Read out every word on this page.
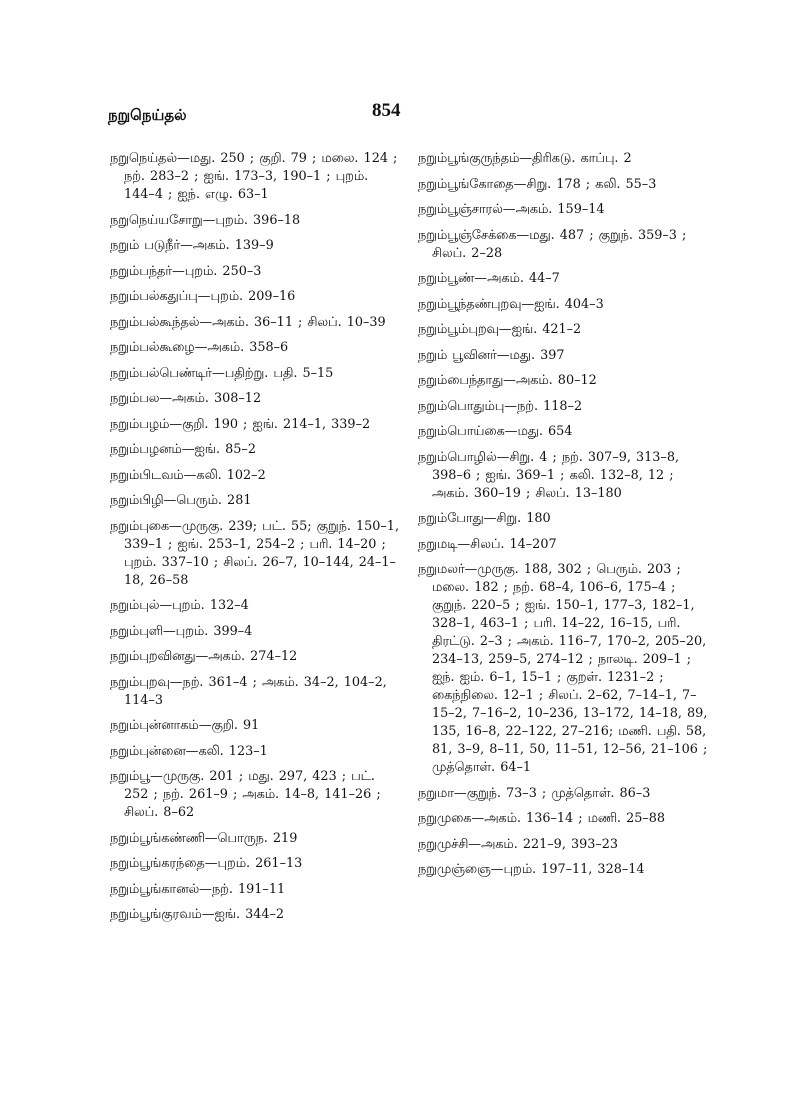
நறுநெய்தல்	854

நறுநெய்தல்—மது. 250 ; குறி. 79 ; மலை. 124 ; நற். 283–2 ; ஐங். 173–3, 190–1 ; புறம். 144–4 ; ஐந். எழு. 63–1

நறுநெய்யசோறு—புறம். 396–18

நறும் படுநீர்—அகம். 139–9

நறும்பந்தர்—புறம். 250–3

நறும்பல்கதுப்பு—புறம். 209–16

நறும்பல்கூந்தல்—அகம். 36–11 ; சிலப். 10–39

நறும்பல்கூழை—அகம். 358–6

நறும்பல்பெண்டிர்—பதிற்று. பதி. 5–15

நறும்பல—அகம். 308–12

நறும்பழம்—குறி. 190 ; ஐங். 214–1, 339–2

நறும்பழனம்—ஐங். 85–2

நறும்பிடவம்—கலி. 102–2

நறும்பிழி—பெரும். 281

நறும்புகை—முருகு. 239; பட். 55; குறுந். 150–1, 339–1 ; ஐங். 253–1, 254–2 ; பரி. 14–20 ; புறம். 337–10 ; சிலப். 26–7, 10–144, 24–1–18, 26–58

நறும்புல்—புறம். 132–4

நறும்புளி—புறம். 399–4

நறும்புறவினது—அகம். 274–12

நறும்புறவு—நற். 361–4 ; அகம். 34–2, 104–2, 114–3

நறும்புன்னாகம்—குறி. 91

நறும்புன்னை—கலி. 123–1

நறும்பூ—முருகு. 201 ; மது. 297, 423 ; பட். 252 ; நற். 261–9 ; அகம். 14–8, 141–26 ; சிலப். 8–62

நறும்பூங்கண்ணி—பொருந. 219

நறும்பூங்கரந்தை—புறம். 261–13

நறும்பூங்கானல்—நற். 191–11

நறும்பூங்குரவம்—ஐங். 344–2

நறும்பூங்குருந்தம்—திரிகடு. காப்பு. 2

நறும்பூங்கோதை—சிறு. 178 ; கலி. 55–3

நறும்பூஞ்சாரல்—அகம். 159–14

நறும்பூஞ்சேக்கை—மது. 487 ; குறுந். 359–3 ; சிலப். 2–28

நறும்பூண்—அகம். 44–7

நறும்பூந்தண்புறவு—ஐங். 404–3

நறும்பூம்புறவு—ஐங். 421–2

நறும் பூவினர்—மது. 397

நறும்பைந்தாது—அகம். 80–12

நறும்பொதும்பு—நற். 118–2

நறும்பொய்கை—மது. 654

நறும்பொழில்—சிறு. 4 ; நற். 307–9, 313–8, 398–6 ; ஐங். 369–1 ; கலி. 132–8, 12 ; அகம். 360–19 ; சிலப். 13–180

நறும்போது—சிறு. 180

நறுமடி—சிலப். 14–207

நறுமலர்—முருகு. 188, 302 ; பெரும். 203 ; மலை. 182 ; நற். 68–4, 106–6, 175–4 ; குறுந். 220–5 ; ஐங். 150–1, 177–3, 182–1, 328–1, 463–1 ; பரி. 14–22, 16–15, பரி. திரட்டு. 2–3 ; அகம். 116–7, 170–2, 205–20, 234–13, 259–5, 274–12 ; நாலடி. 209–1 ; ஐந். ஐம். 6–1, 15–1 ; குறள். 1231–2 ; கைந்நிலை. 12–1 ; சிலப். 2–62, 7–14–1, 7–15–2, 7–16–2, 10–236, 13–172, 14–18, 89, 135, 16–8, 22–122, 27–216; மணி. பதி. 58, 81, 3–9, 8–11, 50, 11–51, 12–56, 21–106 ; முத்தொள். 64–1

நறுமா—குறுந். 73–3 ; முத்தொள். 86–3

நறுமுகை—அகம். 136–14 ; மணி. 25–88

நறுமுச்சி—அகம். 221–9, 393–23

நறுமுஞ்ஞை—புறம். 197–11, 328–14
